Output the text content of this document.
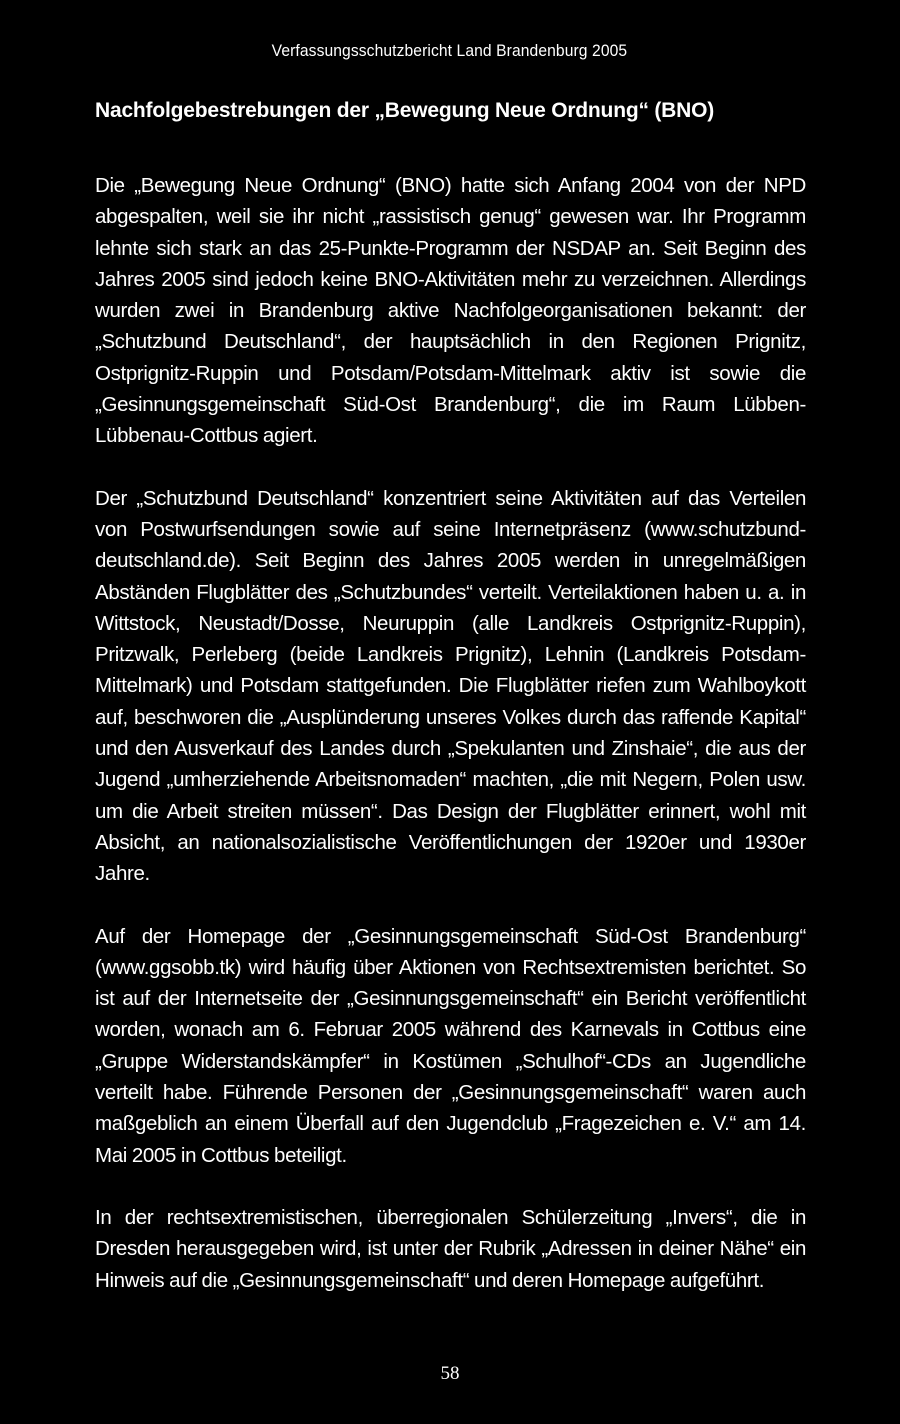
Verfassungsschutzbericht Land Brandenburg 2005
Nachfolgebestrebungen der „Bewegung Neue Ordnung“ (BNO)

Die „Bewegung Neue Ordnung“ (BNO) hatte sich Anfang 2004 von der NPD abgespalten, weil sie ihr nicht „rassistisch genug“ gewesen war. Ihr Programm lehnte sich stark an das 25-Punkte-Programm der NSDAP an. Seit Beginn des Jahres 2005 sind jedoch keine BNO-Aktivitäten mehr zu verzeichnen. Allerdings wurden zwei in Brandenburg aktive Nachfolgeorganisationen bekannt: der „Schutzbund Deutschland“, der hauptsächlich in den Regionen Prignitz, Ostprignitz-Ruppin und Potsdam/Potsdam-Mittelmark aktiv ist sowie die „Gesinnungsgemeinschaft Süd-Ost Brandenburg“, die im Raum Lübben-Lübbenau-Cottbus agiert.

Der „Schutzbund Deutschland“ konzentriert seine Aktivitäten auf das Verteilen von Postwurfsendungen sowie auf seine Internetpräsenz (www.schutzbund-deutschland.de). Seit Beginn des Jahres 2005 werden in unregelmäßigen Abständen Flugblätter des „Schutzbundes“ verteilt. Verteilaktionen haben u. a. in Wittstock, Neustadt/Dosse, Neuruppin (alle Landkreis Ostprignitz-Ruppin), Pritzwalk, Perleberg (beide Landkreis Prignitz), Lehnin (Landkreis Potsdam-Mittelmark) und Potsdam stattgefunden. Die Flugblätter riefen zum Wahlboykott auf, beschworen die „Ausplünderung unseres Volkes durch das raffende Kapital“ und den Ausverkauf des Landes durch „Spekulanten und Zinshaie“, die aus der Jugend „umherziehende Arbeitsnomaden“ machten, „die mit Negern, Polen usw. um die Arbeit streiten müssen“. Das Design der Flugblätter erinnert, wohl mit Absicht, an nationalsozialistische Veröffentlichungen der 1920er und 1930er Jahre.

Auf der Homepage der „Gesinnungsgemeinschaft Süd-Ost Brandenburg“ (www.ggsobb.tk) wird häufig über Aktionen von Rechtsextremisten berichtet. So ist auf der Internetseite der „Gesinnungsgemeinschaft“ ein Bericht veröffentlicht worden, wonach am 6. Februar 2005 während des Karnevals in Cottbus eine „Gruppe Widerstandskämpfer“ in Kostümen „Schulhof“-CDs an Jugendliche verteilt habe. Führende Personen der „Gesinnungsgemeinschaft“ waren auch maßgeblich an einem Überfall auf den Jugendclub „Fragezeichen e. V.“ am 14. Mai 2005 in Cottbus beteiligt.

In der rechtsextremistischen, überregionalen Schülerzeitung „Invers“, die in Dresden herausgegeben wird, ist unter der Rubrik „Adressen in deiner Nähe“ ein Hinweis auf die „Gesinnungsgemeinschaft“ und deren Homepage aufgeführt.

58
